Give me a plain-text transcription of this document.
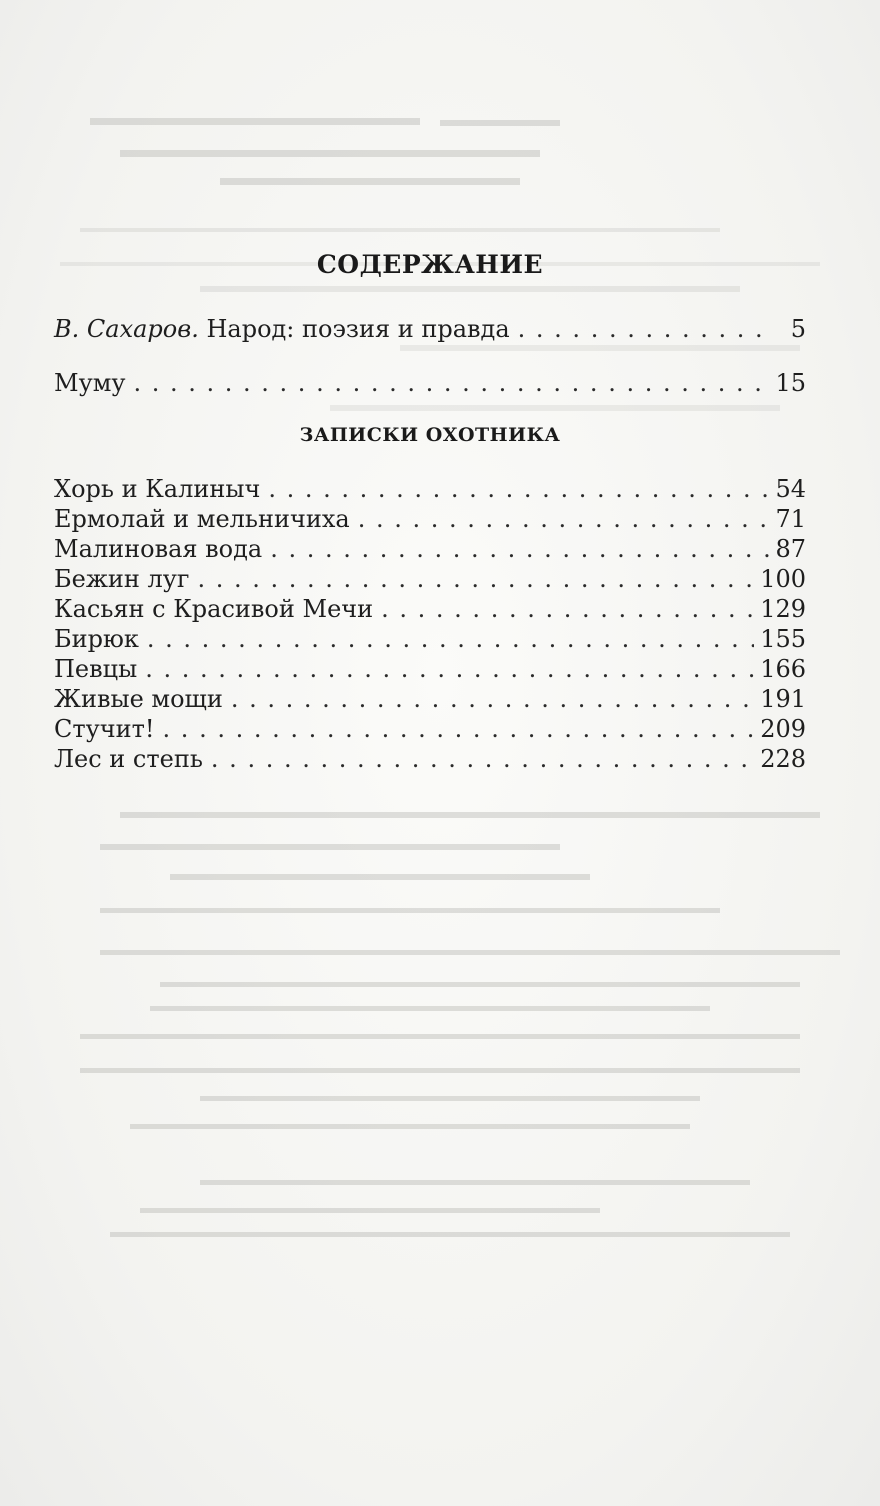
СОДЕРЖАНИЕ
В. Сахаров. Народ: поэзия и правда . . .	5
Муму . . .	15
ЗАПИСКИ ОХОТНИКА
Хорь и Калиныч . . .	54
Ермолай и мельничиха . . .	71
Малиновая вода . . .	87
Бежин луг . . .	100
Касьян с Красивой Мечи . . .	129
Бирюк . . .	155
Певцы . . .	166
Живые мощи . . .	191
Стучит! . . .	209
Лес и степь . . .	228
